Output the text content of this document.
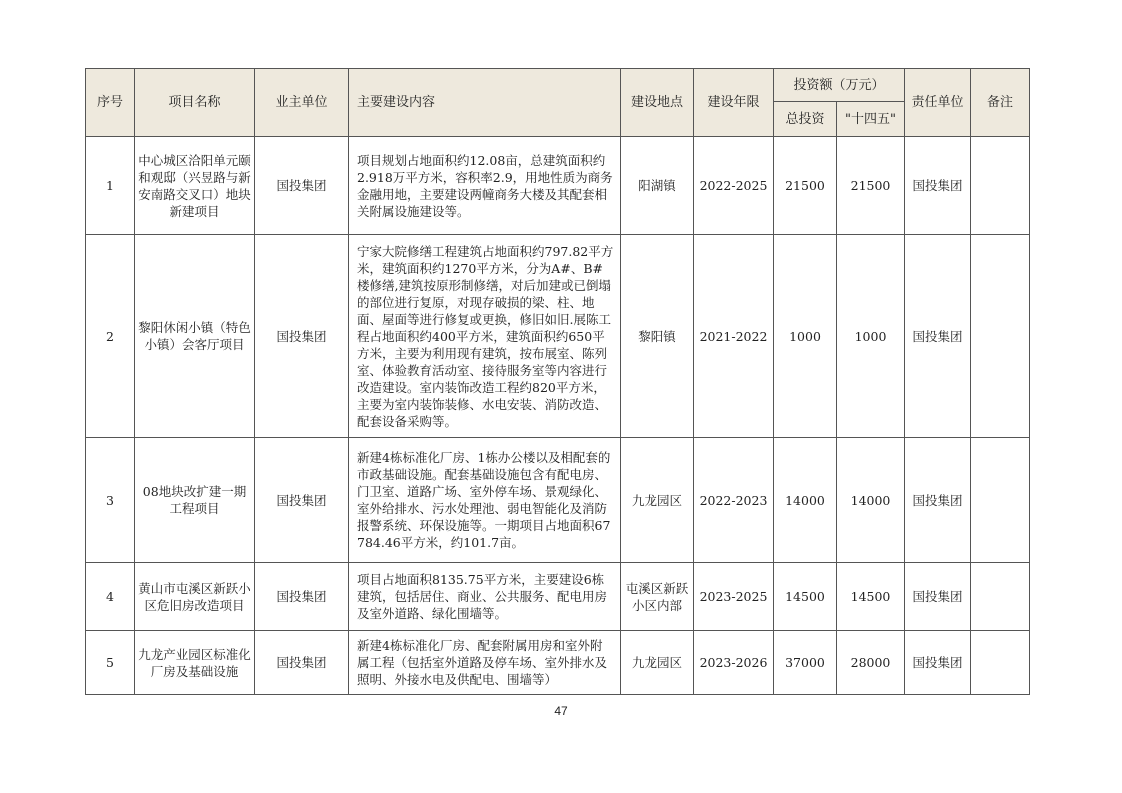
序号	项目名称	业主单位	主要建设内容	建设地点	建设年限	投资额（万元）		责任单位	备注
						总投资	"十四五"		
1	中心城区洽阳单元颐和观邸（兴昱路与新安南路交叉口）地块新建项目	国投集团	项目规划占地面积约12.08亩，总建筑面积约2.918万平方米，容积率2.9，用地性质为商务金融用地，主要建设两幢商务大楼及其配套相关附属设施建设等。	阳湖镇	2022-2025	21500	21500	国投集团	
2	黎阳休闲小镇（特色小镇）会客厅项目	国投集团	宁家大院修缮工程建筑占地面积约797.82平方米，建筑面积约1270平方米，分为A#、B#楼修缮,建筑按原形制修缮，对后加建或已倒塌的部位进行复原，对现存破损的梁、柱、地面、屋面等进行修复或更换，修旧如旧.展陈工程占地面积约400平方米，建筑面积约650平方米，主要为利用现有建筑，按布展室、陈列室、体验教育活动室、接待服务室等内容进行改造建设。室内装饰改造工程约820平方米，主要为室内装饰装修、水电安装、消防改造、配套设备采购等。	黎阳镇	2021-2022	1000	1000	国投集团	
3	08地块改扩建一期工程项目	国投集团	新建4栋标准化厂房、1栋办公楼以及相配套的市政基础设施。配套基础设施包含有配电房、门卫室、道路广场、室外停车场、景观绿化、室外给排水、污水处理池、弱电智能化及消防报警系统、环保设施等。一期项目占地面积67784.46平方米，约101.7亩。	九龙园区	2022-2023	14000	14000	国投集团	
4	黄山市屯溪区新跃小区危旧房改造项目	国投集团	项目占地面积8135.75平方米，主要建设6栋建筑，包括居住、商业、公共服务、配电用房及室外道路、绿化围墙等。	屯溪区新跃小区内部	2023-2025	14500	14500	国投集团	
5	九龙产业园区标准化厂房及基础设施	国投集团	新建4栋标准化厂房、配套附属用房和室外附属工程（包括室外道路及停车场、室外排水及照明、外接水电及供配电、围墙等）	九龙园区	2023-2026	37000	28000	国投集团	
47
